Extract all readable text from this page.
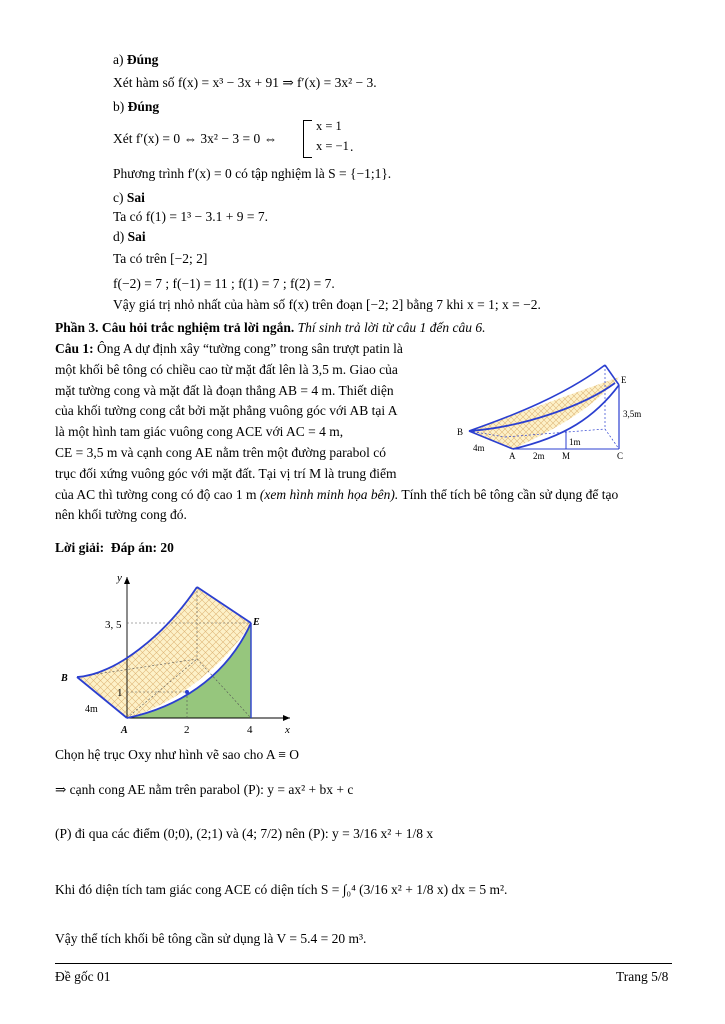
a) Đúng
Xét hàm số f(x) = x³ − 3x + 91 ⇒ f′(x) = 3x² − 3.
b) Đúng
Xét f′(x) = 0 ⇔ 3x² − 3 = 0 ⇔
x = 1
x = −1 .
Phương trình f′(x) = 0 có tập nghiệm là S = {−1;1}.
c) Sai
Ta có f(1) = 1³ − 3.1 + 9 = 7.
d) Sai
Ta có trên [−2; 2]
f(−2) = 7 ; f(−1) = 11 ; f(1) = 7 ; f(2) = 7.
Vậy giá trị nhỏ nhất của hàm số f(x) trên đoạn [−2; 2] bằng 7 khi x = 1; x = −2.
Phần 3. Câu hỏi trắc nghiệm trả lời ngắn. Thí sinh trả lời từ câu 1 đến câu 6.
Câu 1: Ông A dự định xây “tường cong” trong sân trượt patin là
một khối bê tông có chiều cao từ mặt đất lên là 3,5 m. Giao của
mặt tường cong và mặt đất là đoạn thẳng AB = 4 m. Thiết diện
của khối tường cong cắt bởi mặt phẳng vuông góc với AB tại A
là một hình tam giác vuông cong ACE với AC = 4 m,
CE = 3,5 m và cạnh cong AE nằm trên một đường parabol có
trục đối xứng vuông góc với mặt đất. Tại vị trí M là trung điểm
của AC thì tường cong có độ cao 1 m (xem hình minh họa bên). Tính thể tích bê tông cần sử dụng để tạo
nên khối tường cong đó.
E
B
A	M	C
4m
2m
1m
3,5m
Lời giải: Đáp án: 20
y
x
3, 5
1
2	4
E
B
A
4m
Chọn hệ trục Oxy như hình vẽ sao cho A ≡ O
⇒ cạnh cong AE nằm trên parabol (P): y = ax² + bx + c
(P) đi qua các điểm (0;0), (2;1) và (4; 7/2) nên (P): y = 3/16 x² + 1/8 x
Khi đó diện tích tam giác cong ACE có diện tích S = ∫₀⁴ (3/16 x² + 1/8 x) dx = 5 m².
Vậy thể tích khối bê tông cần sử dụng là V = 5.4 = 20 m³.
Đề gốc 01	Trang 5/8
